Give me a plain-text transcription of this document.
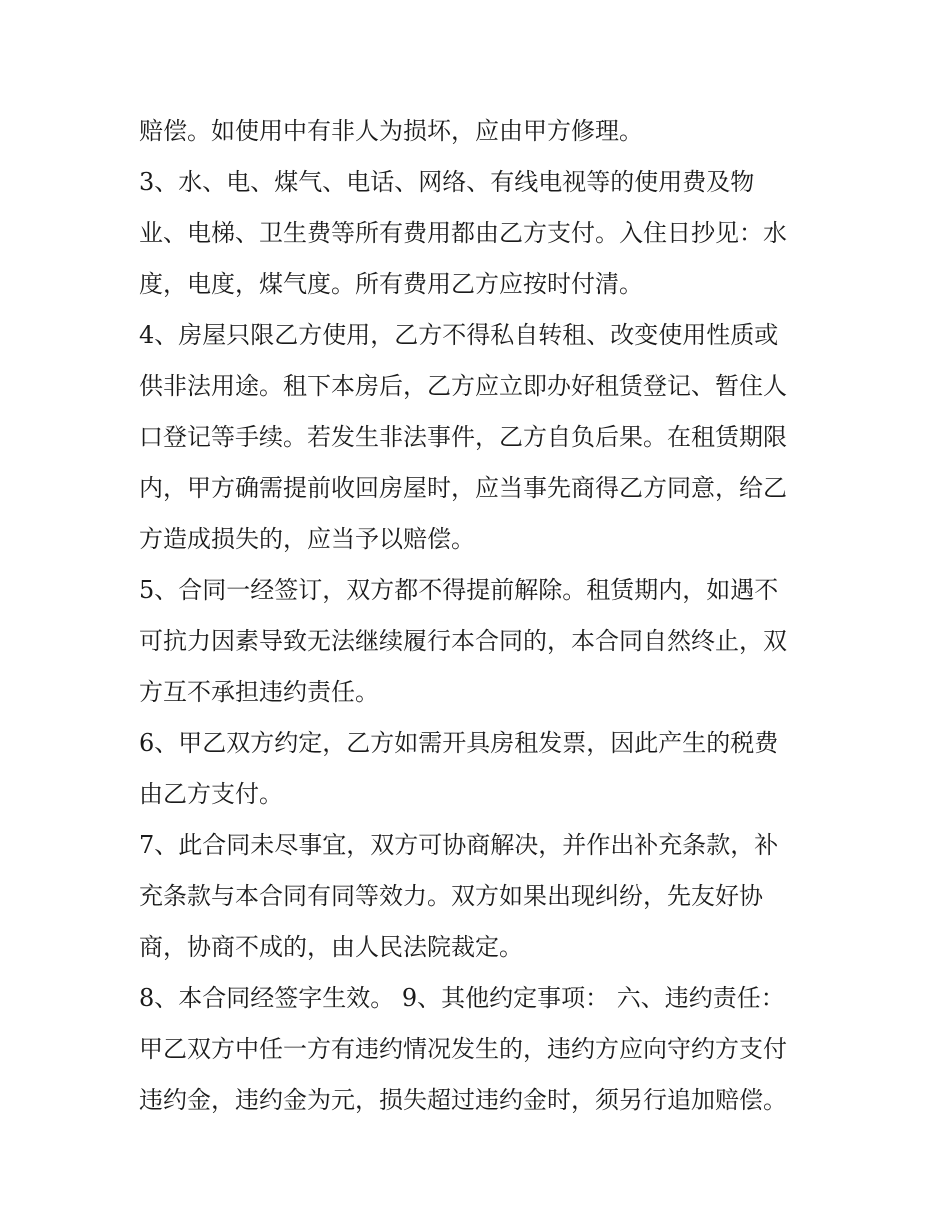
赔偿。如使用中有非人为损坏，应由甲方修理。
3、水、电、煤气、电话、网络、有线电视等的使用费及物
业、电梯、卫生费等所有费用都由乙方支付。入住日抄见：水
度，电度，煤气度。所有费用乙方应按时付清。
4、房屋只限乙方使用，乙方不得私自转租、改变使用性质或
供非法用途。租下本房后，乙方应立即办好租赁登记、暂住人
口登记等手续。若发生非法事件，乙方自负后果。在租赁期限
内，甲方确需提前收回房屋时，应当事先商得乙方同意，给乙
方造成损失的，应当予以赔偿。
5、合同一经签订，双方都不得提前解除。租赁期内，如遇不
可抗力因素导致无法继续履行本合同的，本合同自然终止，双
方互不承担违约责任。
6、甲乙双方约定，乙方如需开具房租发票，因此产生的税费
由乙方支付。
7、此合同未尽事宜，双方可协商解决，并作出补充条款，补
充条款与本合同有同等效力。双方如果出现纠纷，先友好协
商，协商不成的，由人民法院裁定。
8、本合同经签字生效。 9、其他约定事项： 六、违约责任：
甲乙双方中任一方有违约情况发生的，违约方应向守约方支付
违约金，违约金为元，损失超过违约金时，须另行追加赔偿。
